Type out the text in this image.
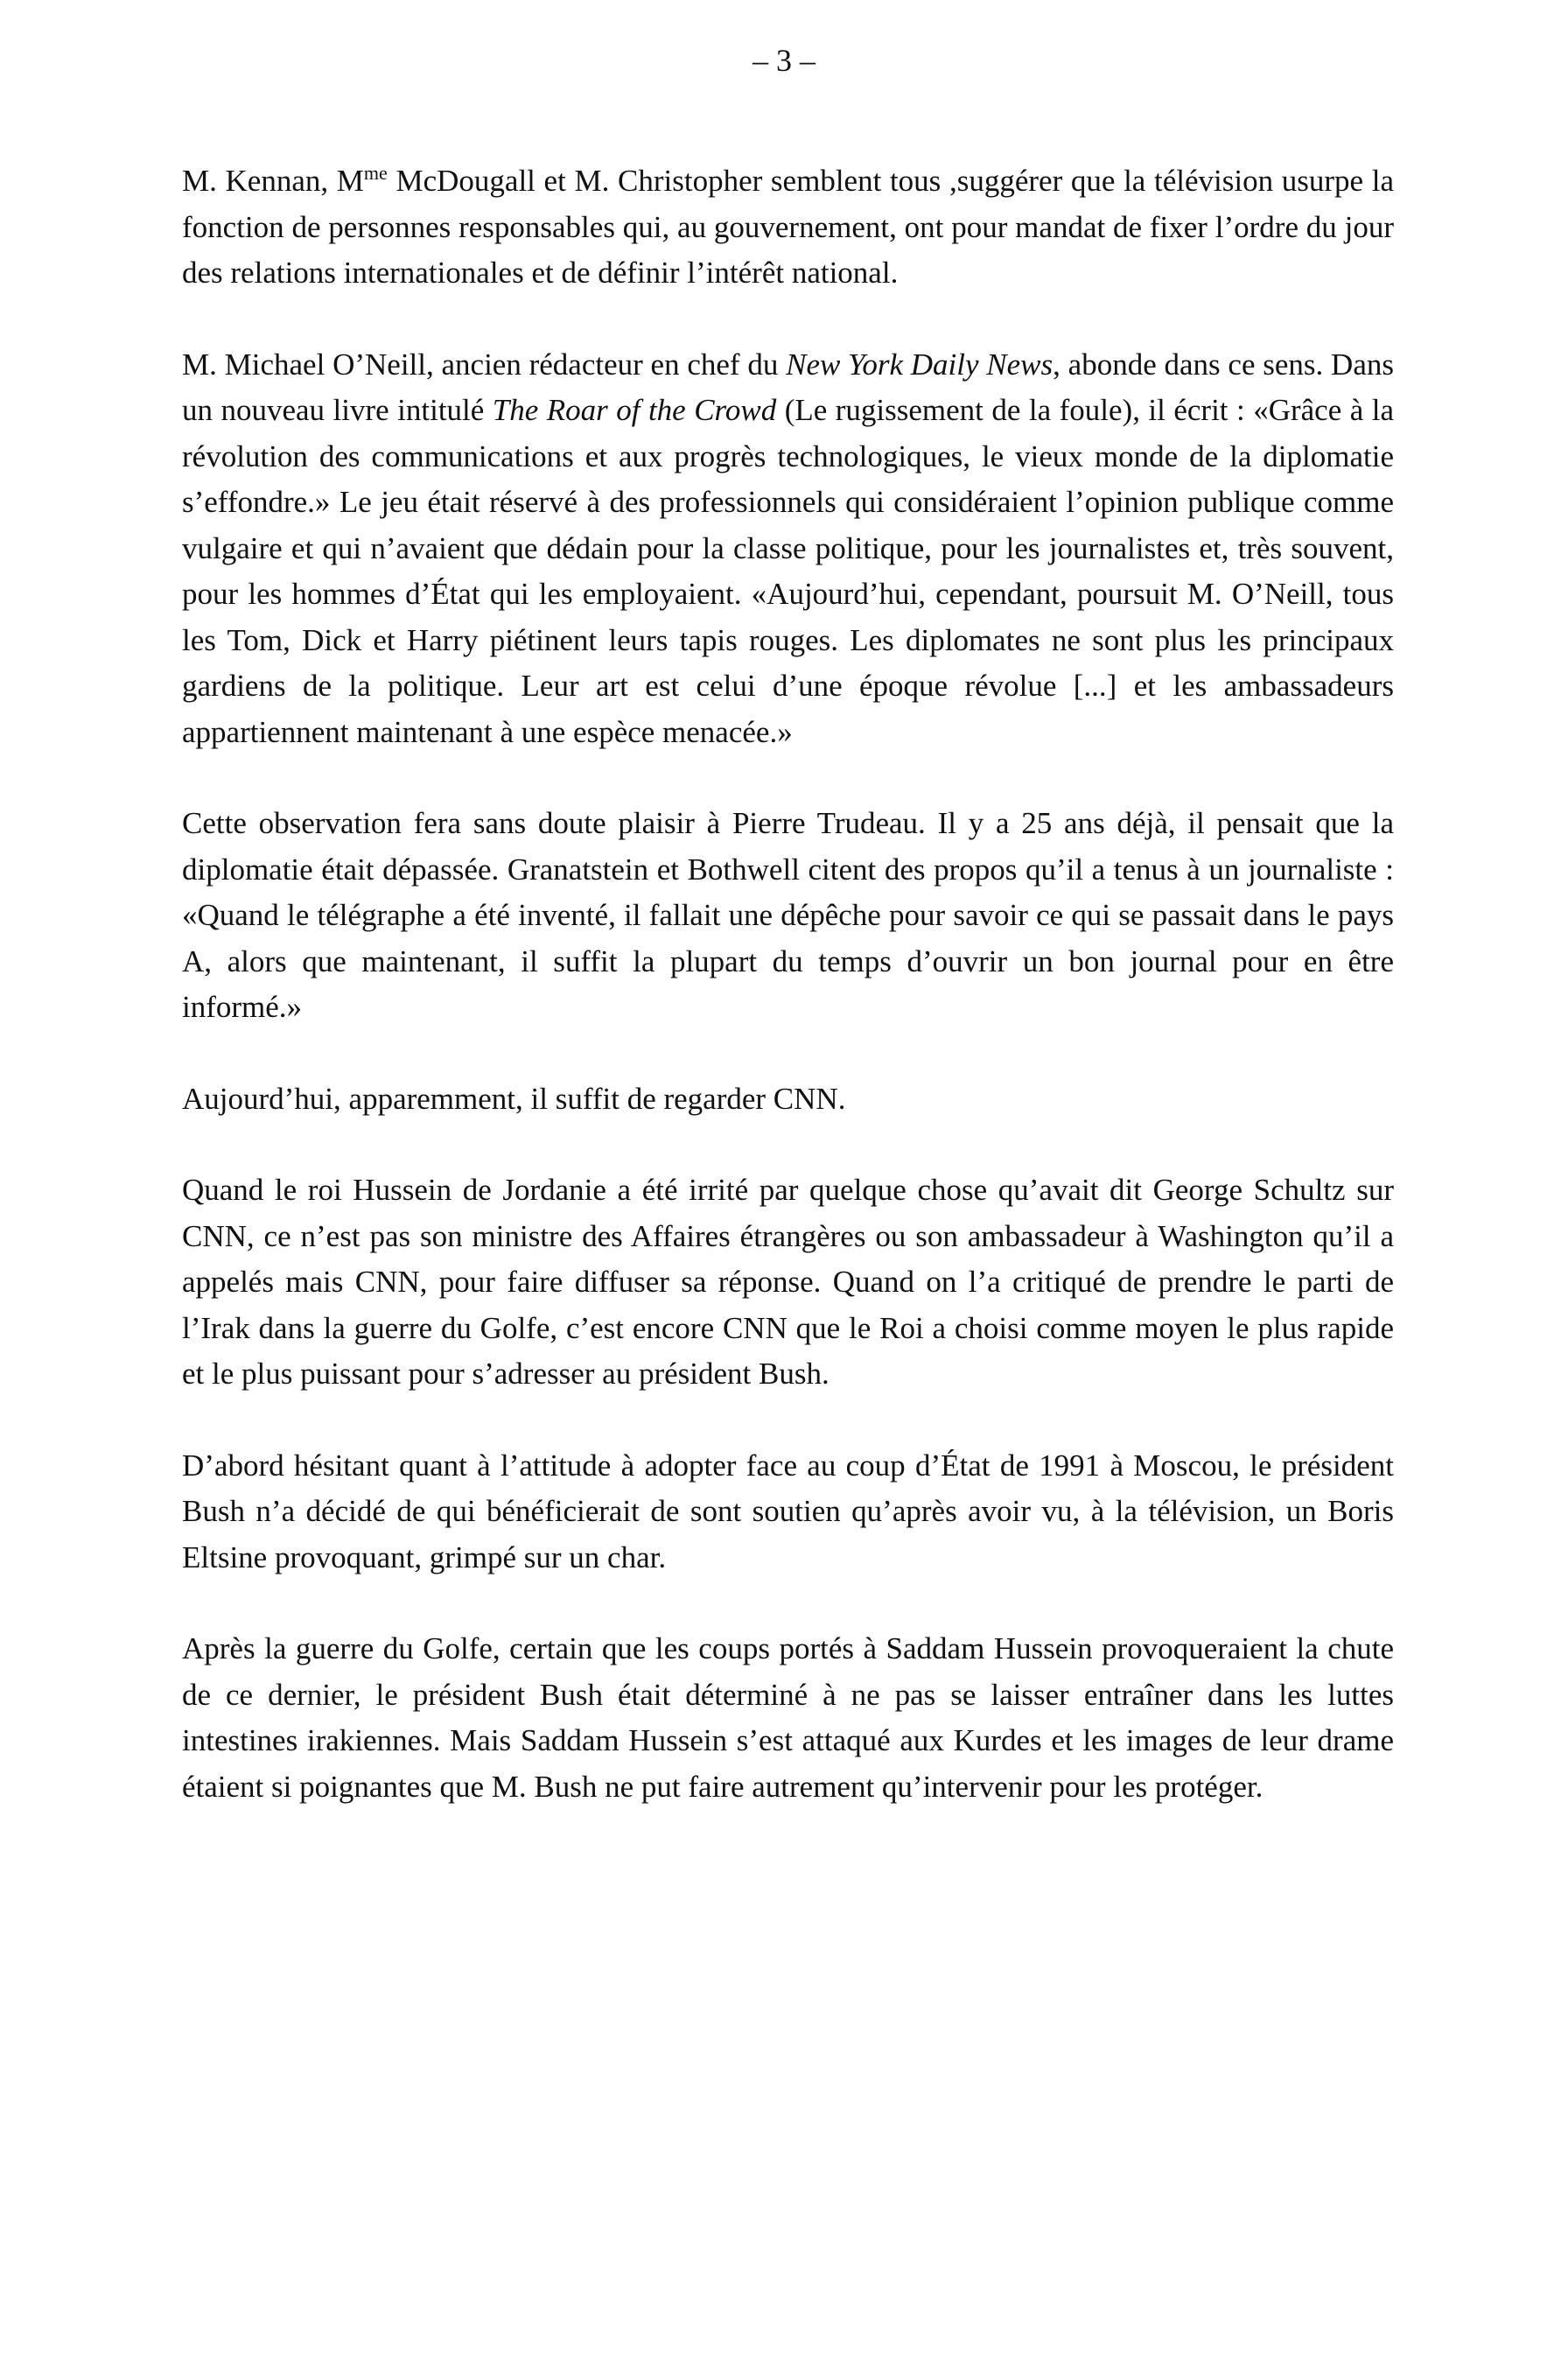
– 3 –

M. Kennan, $M^{me}$ McDougall et M. Christopher semblent tous ,suggérer que la télévision usurpe la fonction de personnes responsables qui, au gouvernement, ont pour mandat de fixer l’ordre du jour des relations internationales et de définir l’intérêt national.

M. Michael O’Neill, ancien rédacteur en chef du New York Daily News, abonde dans ce sens. Dans un nouveau livre intitulé The Roar of the Crowd (Le rugissement de la foule), il écrit : «Grâce à la révolution des communications et aux progrès technologiques, le vieux monde de la diplomatie s’effondre.» Le jeu était réservé à des professionnels qui considéraient l’opinion publique comme vulgaire et qui n’avaient que dédain pour la classe politique, pour les journalistes et, très souvent, pour les hommes d’État qui les employaient. «Aujourd’hui, cependant, poursuit M. O’Neill, tous les Tom, Dick et Harry piétinent leurs tapis rouges. Les diplomates ne sont plus les principaux gardiens de la politique. Leur art est celui d’une époque révolue [...] et les ambassadeurs appartiennent maintenant à une espèce menacée.»

Cette observation fera sans doute plaisir à Pierre Trudeau. Il y a 25 ans déjà, il pensait que la diplomatie était dépassée. Granatstein et Bothwell citent des propos qu’il a tenus à un journaliste : «Quand le télégraphe a été inventé, il fallait une dépêche pour savoir ce qui se passait dans le pays A, alors que maintenant, il suffit la plupart du temps d’ouvrir un bon journal pour en être informé.»

Aujourd’hui, apparemment, il suffit de regarder CNN.

Quand le roi Hussein de Jordanie a été irrité par quelque chose qu’avait dit George Schultz sur CNN, ce n’est pas son ministre des Affaires étrangères ou son ambassadeur à Washington qu’il a appelés mais CNN, pour faire diffuser sa réponse. Quand on l’a critiqué de prendre le parti de l’Irak dans la guerre du Golfe, c’est encore CNN que le Roi a choisi comme moyen le plus rapide et le plus puissant pour s’adresser au président Bush.

D’abord hésitant quant à l’attitude à adopter face au coup d’État de 1991 à Moscou, le président Bush n’a décidé de qui bénéficierait de sont soutien qu’après avoir vu, à la télévision, un Boris Eltsine provoquant, grimpé sur un char.

Après la guerre du Golfe, certain que les coups portés à Saddam Hussein provoqueraient la chute de ce dernier, le président Bush était déterminé à ne pas se laisser entraîner dans les luttes intestines irakiennes. Mais Saddam Hussein s’est attaqué aux Kurdes et les images de leur drame étaient si poignantes que M. Bush ne put faire autrement qu’intervenir pour les protéger.
